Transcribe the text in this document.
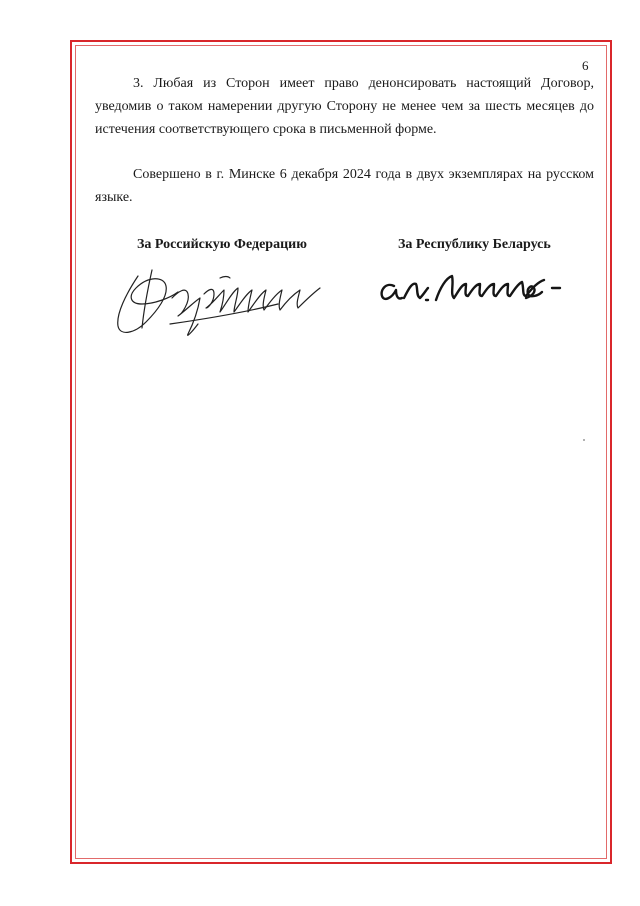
6
3. Любая из Сторон имеет право денонсировать настоящий Договор, уведомив о таком намерении другую Сторону не менее чем за шесть месяцев до истечения соответствующего срока в письменной форме.
Совершено в г. Минске 6 декабря 2024 года в двух экземплярах на русском языке.
За Российскую Федерацию	За Республику Беларусь
